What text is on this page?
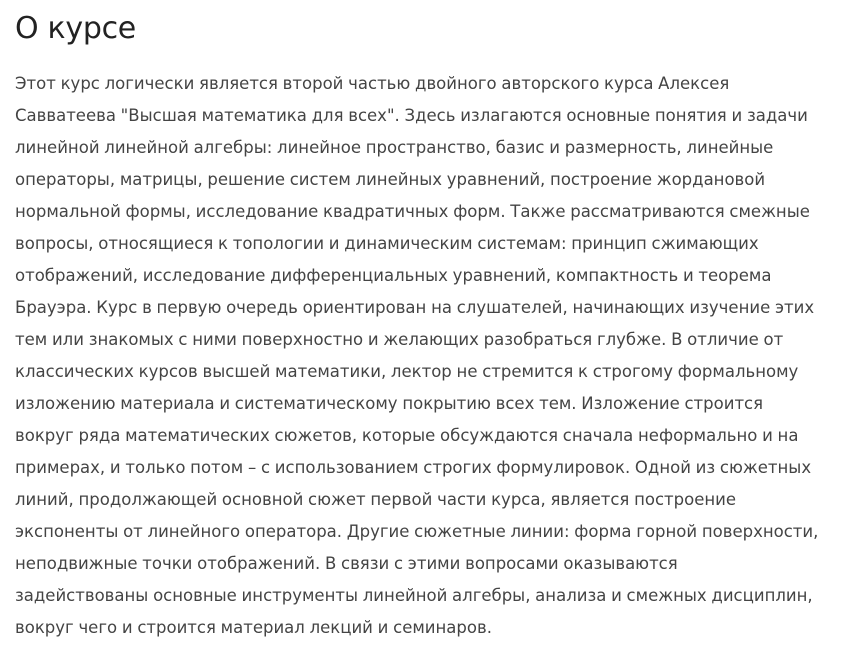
О курсе

Этот курс логически является второй частью двойного авторского курса Алексея
Савватеева "Высшая математика для всех". Здесь излагаются основные понятия и задачи
линейной линейной алгебры: линейное пространство, базис и размерность, линейные
операторы, матрицы, решение систем линейных уравнений, построение жордановой
нормальной формы, исследование квадратичных форм. Также рассматриваются смежные
вопросы, относящиеся к топологии и динамическим системам: принцип сжимающих
отображений, исследование дифференциальных уравнений, компактность и теорема
Брауэра. Курс в первую очередь ориентирован на слушателей, начинающих изучение этих
тем или знакомых с ними поверхностно и желающих разобраться глубже. В отличие от
классических курсов высшей математики, лектор не стремится к строгому формальному
изложению материала и систематическому покрытию всех тем. Изложение строится
вокруг ряда математических сюжетов, которые обсуждаются сначала неформально и на
примерах, и только потом – с использованием строгих формулировок. Одной из сюжетных
линий, продолжающей основной сюжет первой части курса, является построение
экспоненты от линейного оператора. Другие сюжетные линии: форма горной поверхности,
неподвижные точки отображений. В связи с этими вопросами оказываются
задействованы основные инструменты линейной алгебры, анализа и смежных дисциплин,
вокруг чего и строится материал лекций и семинаров.
